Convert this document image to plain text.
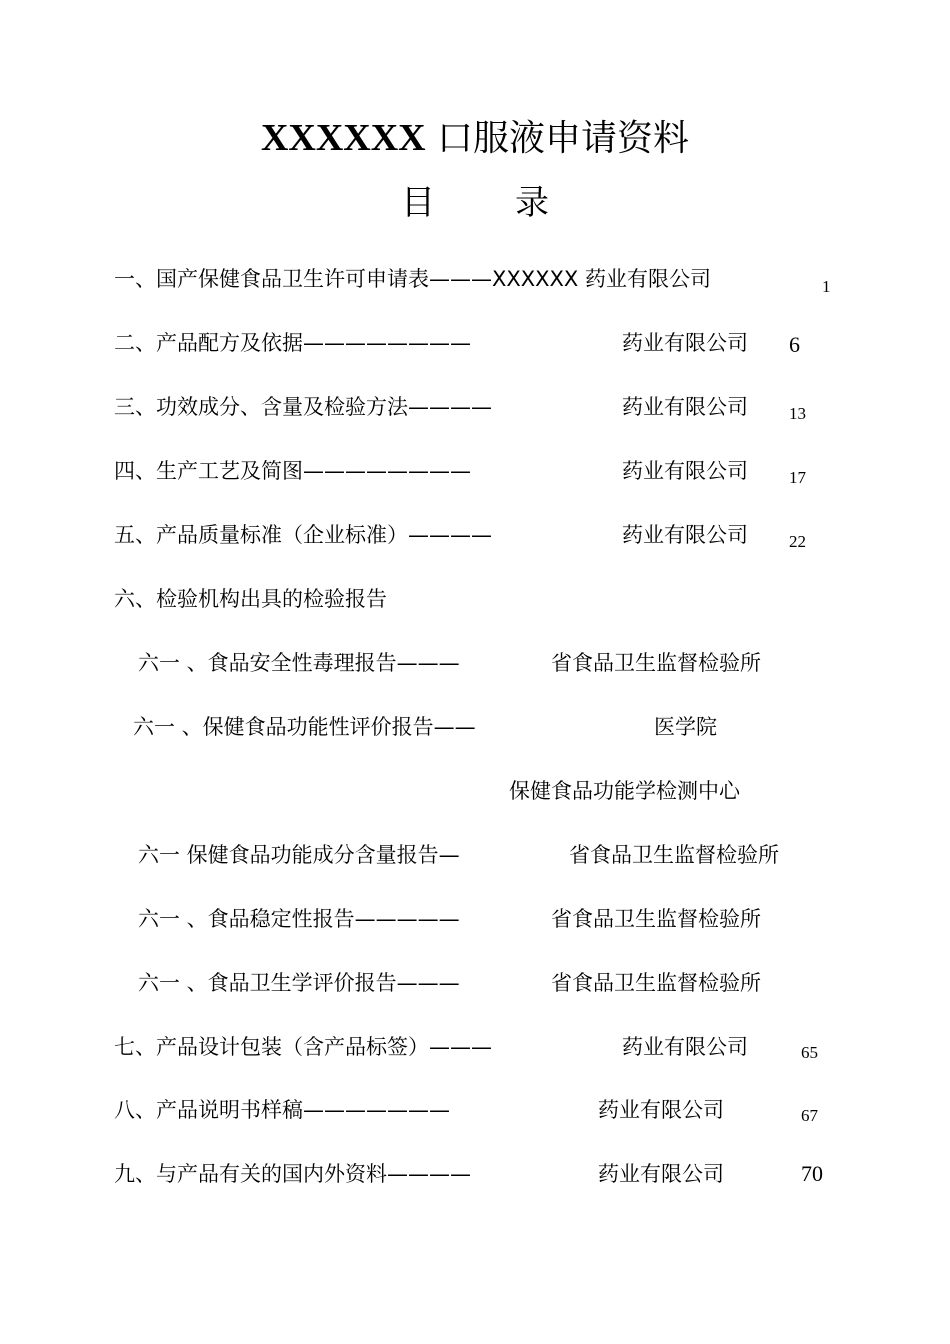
XXXXXX 口服液申请资料
目录
一、国产保健食品卫生许可申请表———XXXXXX 药业有限公司	1
二、产品配方及依据————————	药业有限公司 6
三、功效成分、含量及检验方法————	药业有限公司 13
四、生产工艺及简图————————	药业有限公司 17
五、产品质量标准（企业标准）————	药业有限公司 22
六、检验机构出具的检验报告
六一 、食品安全性毒理报告———	省食品卫生监督检验所
六一 、保健食品功能性评价报告——	医学院
保健食品功能学检测中心
六一 保健食品功能成分含量报告—	省食品卫生监督检验所
六一 、食品稳定性报告—————	省食品卫生监督检验所
六一 、食品卫生学评价报告———	省食品卫生监督检验所
七、产品设计包装（含产品标签）———	药业有限公司	65
八、产品说明书样稿———————	药业有限公司	67
九、与产品有关的国内外资料————	药业有限公司	70
